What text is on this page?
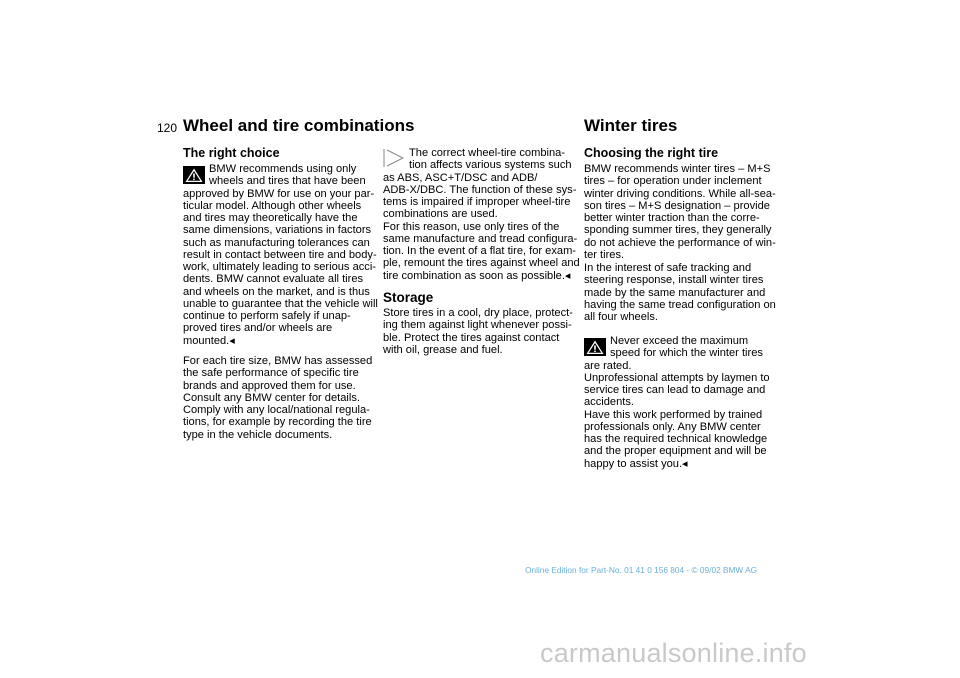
120 Wheel and tire combinations	Winter tires
The right choice
BMW recommends using only
wheels and tires that have been
approved by BMW for use on your par-
ticular model. Although other wheels
and tires may theoretically have the
same dimensions, variations in factors
such as manufacturing tolerances can
result in contact between tire and body-
work, ultimately leading to serious acci-
dents. BMW cannot evaluate all tires
and wheels on the market, and is thus
unable to guarantee that the vehicle will
continue to perform safely if unap-
proved tires and/or wheels are
mounted.◂
For each tire size, BMW has assessed
the safe performance of specific tire
brands and approved them for use.
Consult any BMW center for details.
Comply with any local/national regula-
tions, for example by recording the tire
type in the vehicle documents.
The correct wheel-tire combina-
tion affects various systems such
as ABS, ASC+T/DSC and ADB/
ADB-X/DBC. The function of these sys-
tems is impaired if improper wheel-tire
combinations are used.
For this reason, use only tires of the
same manufacture and tread configura-
tion. In the event of a flat tire, for exam-
ple, remount the tires against wheel and
tire combination as soon as possible.◂
Storage
Store tires in a cool, dry place, protect-
ing them against light whenever possi-
ble. Protect the tires against contact
with oil, grease and fuel.
Choosing the right tire
BMW recommends winter tires – M+S
tires – for operation under inclement
winter driving conditions. While all-sea-
son tires – M+S designation – provide
better winter traction than the corre-
sponding summer tires, they generally
do not achieve the performance of win-
ter tires.
In the interest of safe tracking and
steering response, install winter tires
made by the same manufacturer and
having the same tread configuration on
all four wheels.
Never exceed the maximum
speed for which the winter tires
are rated.
Unprofessional attempts by laymen to
service tires can lead to damage and
accidents.
Have this work performed by trained
professionals only. Any BMW center
has the required technical knowledge
and the proper equipment and will be
happy to assist you.◂
Online Edition for Part-No. 01 41 0 156 804 - © 09/02 BMW AG
carmanualsonline.info
